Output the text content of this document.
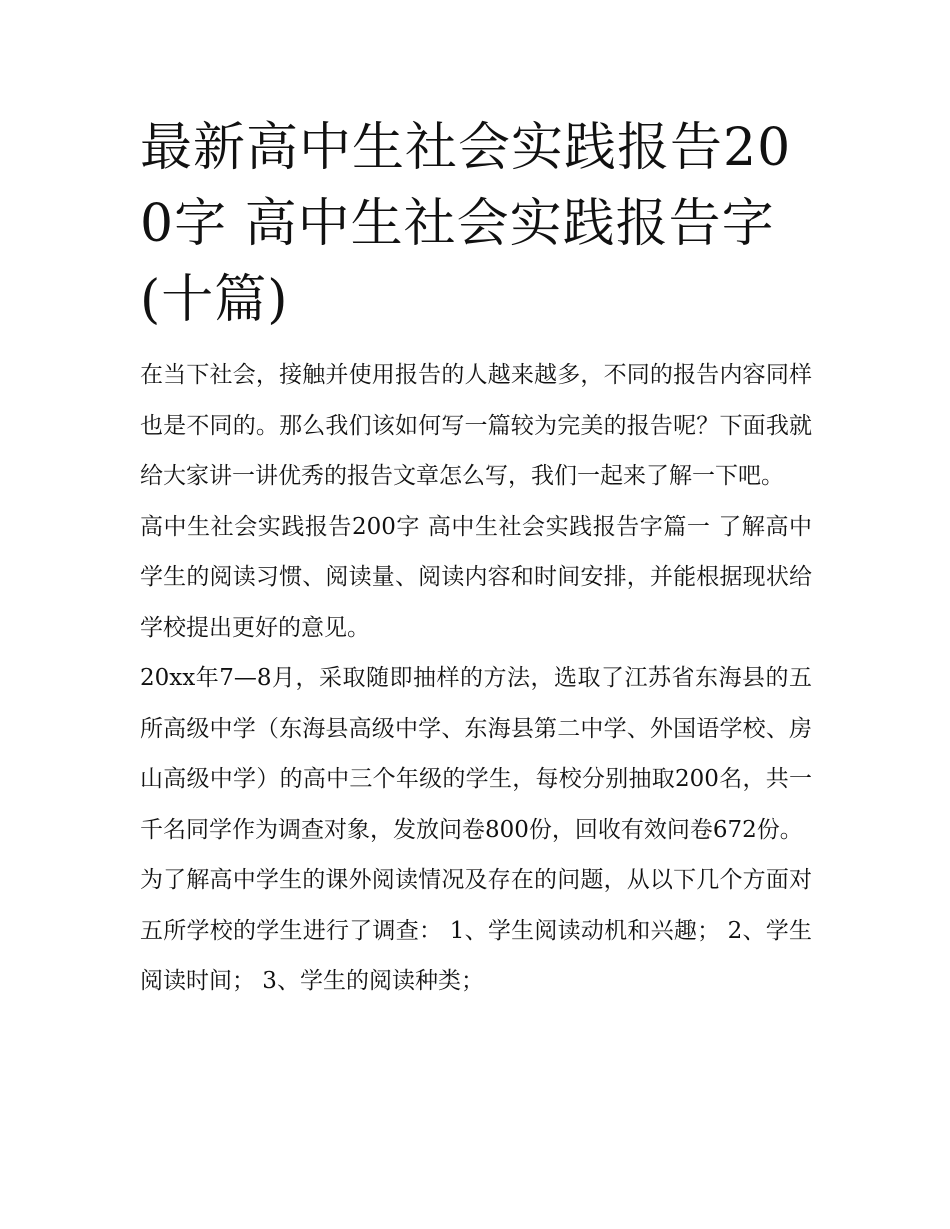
最新高中生社会实践报告200字 高中生社会实践报告字(十篇)

在当下社会，接触并使用报告的人越来越多，不同的报告内容同样也是不同的。那么我们该如何写一篇较为完美的报告呢？下面我就给大家讲一讲优秀的报告文章怎么写，我们一起来了解一下吧。

高中生社会实践报告200字 高中生社会实践报告字篇一 了解高中学生的阅读习惯、阅读量、阅读内容和时间安排，并能根据现状给学校提出更好的意见。

20xx年7—8月，采取随即抽样的方法，选取了江苏省东海县的五所高级中学（东海县高级中学、东海县第二中学、外国语学校、房山高级中学）的高中三个年级的学生，每校分别抽取200名，共一千名同学作为调查对象，发放问卷800份，回收有效问卷672份。

为了解高中学生的课外阅读情况及存在的问题，从以下几个方面对五所学校的学生进行了调查： 1、学生阅读动机和兴趣； 2、学生阅读时间； 3、学生的阅读种类；
